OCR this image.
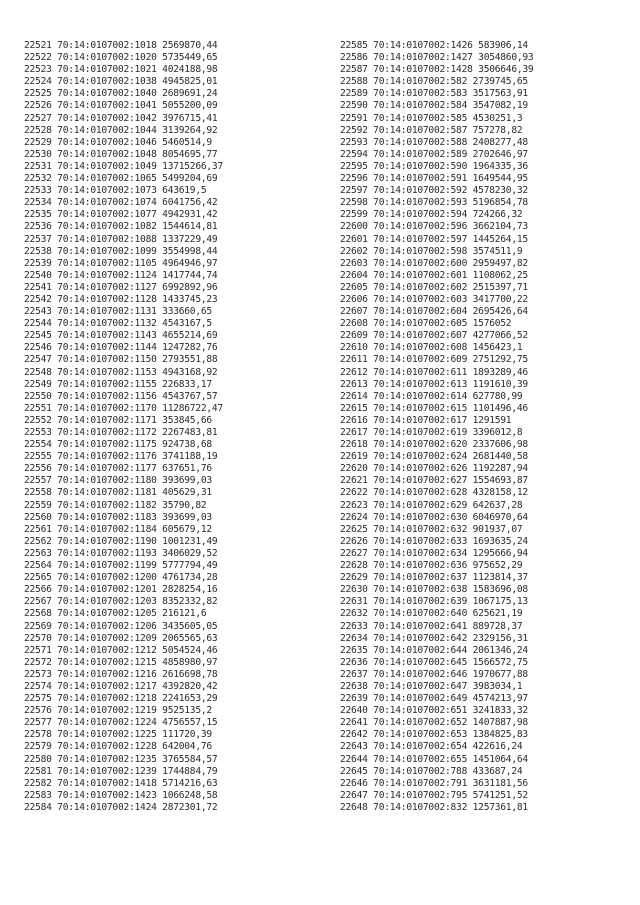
22521 70:14:0107002:1018 2569870,44
22522 70:14:0107002:1020 5735449,65
22523 70:14:0107002:1021 4024188,98
22524 70:14:0107002:1038 4945825,01
22525 70:14:0107002:1040 2689691,24
22526 70:14:0107002:1041 5055200,09
22527 70:14:0107002:1042 3976715,41
22528 70:14:0107002:1044 3139264,92
22529 70:14:0107002:1046 5460514,9
22530 70:14:0107002:1048 8054695,77
22531 70:14:0107002:1049 13715266,37
22532 70:14:0107002:1065 5499204,69
22533 70:14:0107002:1073 643619,5
22534 70:14:0107002:1074 6041756,42
22535 70:14:0107002:1077 4942931,42
22536 70:14:0107002:1082 1544614,81
22537 70:14:0107002:1088 1337229,49
22538 70:14:0107002:1099 3554998,44
22539 70:14:0107002:1105 4964946,97
22540 70:14:0107002:1124 1417744,74
22541 70:14:0107002:1127 6992892,96
22542 70:14:0107002:1128 1433745,23
22543 70:14:0107002:1131 333660,65
22544 70:14:0107002:1132 4543167,5
22545 70:14:0107002:1143 4655214,69
22546 70:14:0107002:1144 1247282,76
22547 70:14:0107002:1150 2793551,88
22548 70:14:0107002:1153 4943168,92
22549 70:14:0107002:1155 226833,17
22550 70:14:0107002:1156 4543767,57
22551 70:14:0107002:1170 11286722,47
22552 70:14:0107002:1171 353845,66
22553 70:14:0107002:1172 2267483,81
22554 70:14:0107002:1175 924738,68
22555 70:14:0107002:1176 3741188,19
22556 70:14:0107002:1177 637651,76
22557 70:14:0107002:1180 393699,03
22558 70:14:0107002:1181 405629,31
22559 70:14:0107002:1182 35790,82
22560 70:14:0107002:1183 393699,03
22561 70:14:0107002:1184 605679,12
22562 70:14:0107002:1190 1001231,49
22563 70:14:0107002:1193 3406029,52
22564 70:14:0107002:1199 5777794,49
22565 70:14:0107002:1200 4761734,28
22566 70:14:0107002:1201 2828254,16
22567 70:14:0107002:1203 8352332,82
22568 70:14:0107002:1205 216121,6
22569 70:14:0107002:1206 3435605,05
22570 70:14:0107002:1209 2065565,63
22571 70:14:0107002:1212 5054524,46
22572 70:14:0107002:1215 4858980,97
22573 70:14:0107002:1216 2616698,78
22574 70:14:0107002:1217 4392820,42
22575 70:14:0107002:1218 2241653,29
22576 70:14:0107002:1219 9525135,2
22577 70:14:0107002:1224 4756557,15
22578 70:14:0107002:1225 111720,39
22579 70:14:0107002:1228 642004,76
22580 70:14:0107002:1235 3765584,57
22581 70:14:0107002:1239 1744884,79
22582 70:14:0107002:1418 5714216,63
22583 70:14:0107002:1423 1066248,58
22584 70:14:0107002:1424 2872301,72
22585 70:14:0107002:1426 583906,14
22586 70:14:0107002:1427 3054860,93
22587 70:14:0107002:1428 3506646,39
22588 70:14:0107002:582 2739745,65
22589 70:14:0107002:583 3517563,91
22590 70:14:0107002:584 3547082,19
22591 70:14:0107002:585 4530251,3
22592 70:14:0107002:587 757278,82
22593 70:14:0107002:588 2408277,48
22594 70:14:0107002:589 2702646,97
22595 70:14:0107002:590 1964335,36
22596 70:14:0107002:591 1649544,95
22597 70:14:0107002:592 4578230,32
22598 70:14:0107002:593 5196854,78
22599 70:14:0107002:594 724266,32
22600 70:14:0107002:596 3662104,73
22601 70:14:0107002:597 1445264,15
22602 70:14:0107002:598 3574511,9
22603 70:14:0107002:600 2959497,82
22604 70:14:0107002:601 1108062,25
22605 70:14:0107002:602 2515397,71
22606 70:14:0107002:603 3417700,22
22607 70:14:0107002:604 2695426,64
22608 70:14:0107002:605 1576052
22609 70:14:0107002:607 4277066,52
22610 70:14:0107002:608 1456423,1
22611 70:14:0107002:609 2751292,75
22612 70:14:0107002:611 1893289,46
22613 70:14:0107002:613 1191610,39
22614 70:14:0107002:614 627780,99
22615 70:14:0107002:615 1101496,46
22616 70:14:0107002:617 1291591
22617 70:14:0107002:619 3396012,8
22618 70:14:0107002:620 2337606,98
22619 70:14:0107002:624 2681440,58
22620 70:14:0107002:626 1192287,94
22621 70:14:0107002:627 1554693,87
22622 70:14:0107002:628 4328158,12
22623 70:14:0107002:629 642637,28
22624 70:14:0107002:630 6046970,64
22625 70:14:0107002:632 901937,07
22626 70:14:0107002:633 1693635,24
22627 70:14:0107002:634 1295666,94
22628 70:14:0107002:636 975652,29
22629 70:14:0107002:637 1123814,37
22630 70:14:0107002:638 1583696,08
22631 70:14:0107002:639 1067175,13
22632 70:14:0107002:640 625621,19
22633 70:14:0107002:641 889728,37
22634 70:14:0107002:642 2329156,31
22635 70:14:0107002:644 2061346,24
22636 70:14:0107002:645 1566572,75
22637 70:14:0107002:646 1970677,88
22638 70:14:0107002:647 3983034,1
22639 70:14:0107002:649 4574213,97
22640 70:14:0107002:651 3241833,32
22641 70:14:0107002:652 1407887,98
22642 70:14:0107002:653 1384825,83
22643 70:14:0107002:654 422616,24
22644 70:14:0107002:655 1451064,64
22645 70:14:0107002:788 433687,24
22646 70:14:0107002:791 3631181,56
22647 70:14:0107002:795 5741251,52
22648 70:14:0107002:832 1257361,81
